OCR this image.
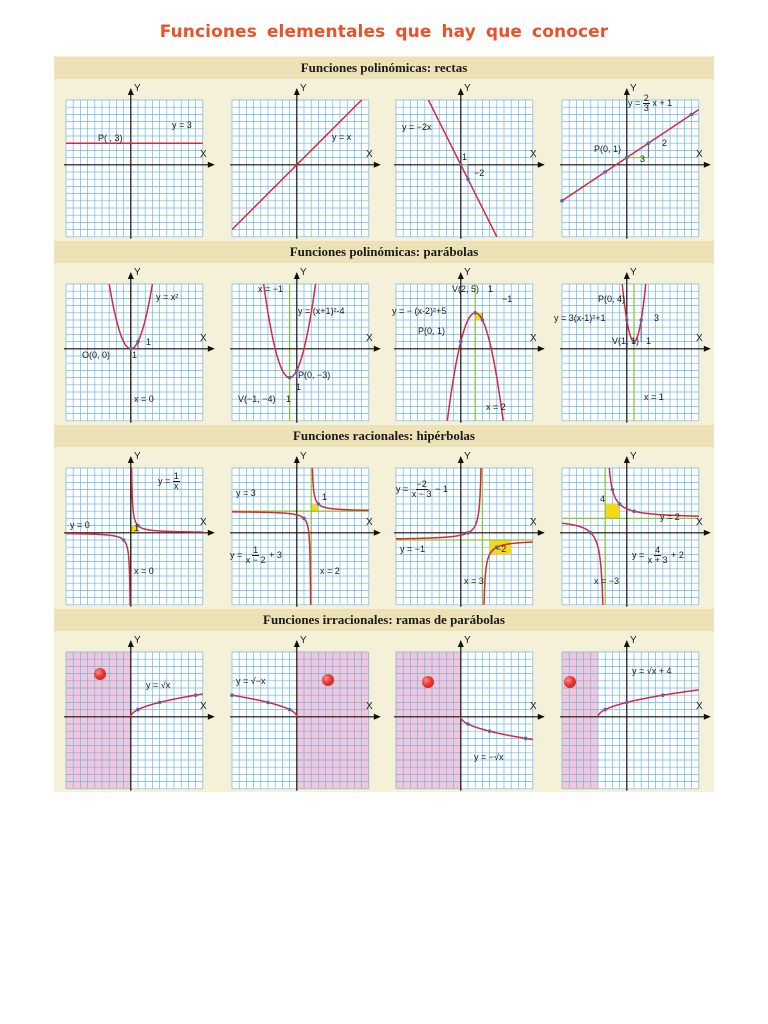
Funciones elementales que hay que conocer
Funciones polinómicas: rectas
Funciones polinómicas: parábolas
Funciones racionales: hipérbolas
Funciones irracionales: ramas de parábolas
Y
X
y = 3
P( , 3)
Y
X
y = x
Y
X
y = −2x
1
−2
Y
X
$y = \frac{2}{3}$ x + 1
P(0, 1)
3
2
Y
X
y = x²
O(0, 0) 1
1
x = 0
Y
X
x = −1
y = (x+1)²-4
P(0, −3)
V(−1, −4) 1
1
Y
X
V(2, 5) 1
−1
y = − (x-2)²+5
P(0, 1)
x = 2
Y
X
P(0, 4)
y = 3(x-1)²+1	3
V(1, 1) 1
x = 1
Y
X
$y = \frac{1}{x}$
y = 0
x = 0
1
Y
X
y = 3	1
$y = \frac{1}{x - 2} + 3$
x = 2
Y
X
$y = \frac{-2}{x - 3} - 1$
y = −1	−2
x = 3
Y
X
4
y = 2
$y = \frac{4}{x + 3} + 2$
x = −3
Y
X
y = √x
Y
X
y = √−x
Y
X
y = −√x
Y
X
y = √x + 4
